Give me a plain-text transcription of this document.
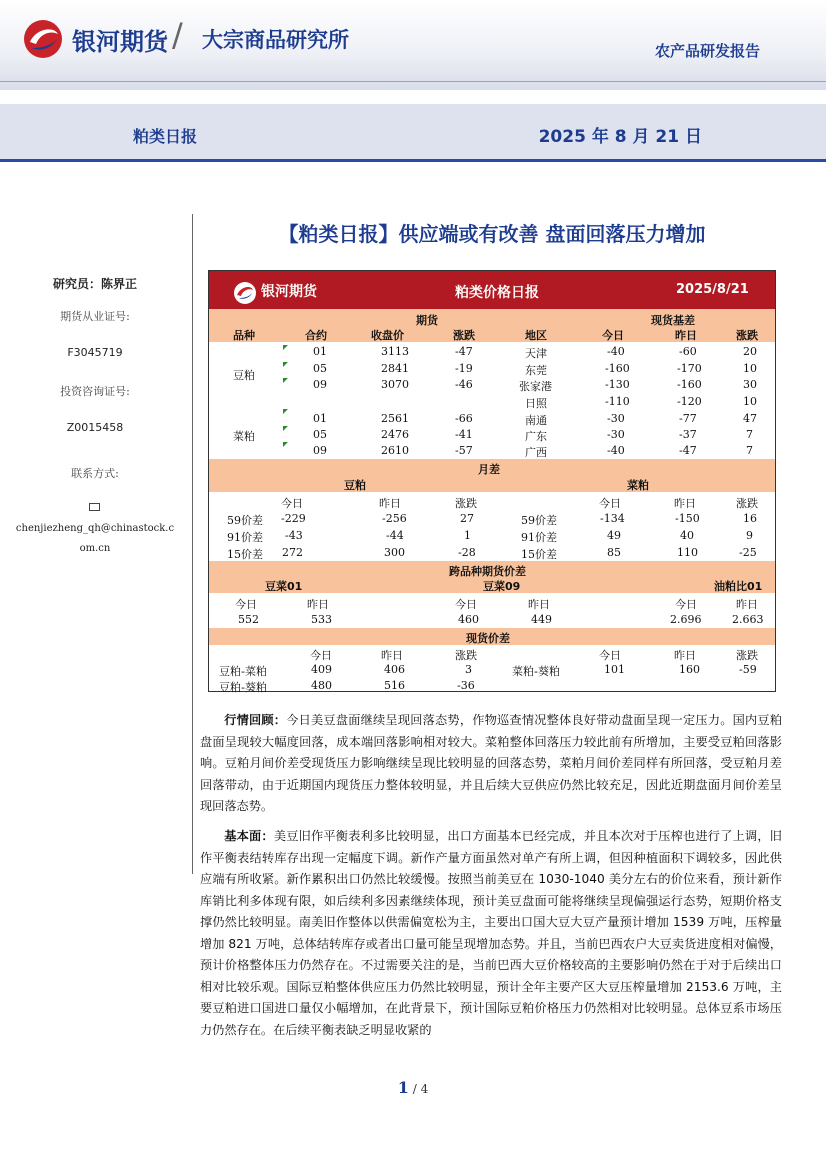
银河期货 / 大宗商品研究所	农产品研发报告
粕类日报	2025 年 8 月 21 日
【粕类日报】供应端或有改善 盘面回落压力增加
研究员：陈界正
期货从业证号:
F3045719
投资咨询证号:
Z0015458
联系方式:
chenjiezheng_qh@chinastock.c
om.cn
银河期货	粕类价格日报	2025/8/21
期货	现货基差
品种	合约	收盘价	涨跌	地区	今日	昨日	涨跌
豆粕
01	3113	-47	天津	-40	-60	20
05	2841	-19	东莞	-160	-170	10
09	3070	-46	张家港	-130	-160	30
日照	-110	-120	10
菜粕
01	2561	-66	南通	-30	-77	47
05	2476	-41	广东	-30	-37	7
09	2610	-57	广西	-40	-47	7
月差
豆粕	菜粕
今日	昨日	涨跌	今日	昨日	涨跌
59价差 -229	-256	27	59价差	-134	-150	16
91价差 -43	-44	1	91价差	49	40	9
15价差 272	300	-28	15价差	85	110	-25
跨品种期货价差
豆菜01	豆菜09	油粕比01
今日	昨日	今日	昨日	今日	昨日
552	533	460	449	2.696	2.663
现货价差
今日	昨日	涨跌	今日	昨日	涨跌
豆粕-菜粕	409	406	3	菜粕-葵粕	101	160	-59
豆粕-葵粕	480	516	-36
行情回顾：今日美豆盘面继续呈现回落态势，作物巡查情况整体良好带动盘面呈现一定压力。国内豆粕盘面呈现较大幅度回落，成本端回落影响相对较大。菜粕整体回落压力较此前有所增加，主要受豆粕回落影响。豆粕月间价差受现货压力影响继续呈现比较明显的回落态势，菜粕月间价差同样有所回落，受豆粕月差回落带动，由于近期国内现货压力整体较明显，并且后续大豆供应仍然比较充足，因此近期盘面月间价差呈现回落态势。
基本面：美豆旧作平衡表利多比较明显，出口方面基本已经完成，并且本次对于压榨也进行了上调，旧作平衡表结转库存出现一定幅度下调。新作产量方面虽然对单产有所上调，但因种植面积下调较多，因此供应端有所收紧。新作累积出口仍然比较缓慢。按照当前美豆在 1030-1040 美分左右的价位来看，预计新作库销比利多体现有限，如后续利多因素继续体现，预计美豆盘面可能将继续呈现偏强运行态势，短期价格支撑仍然比较明显。南美旧作整体以供需偏宽松为主，主要出口国大豆大豆产量预计增加 1539 万吨，压榨量增加 821 万吨，总体结转库存或者出口量可能呈现增加态势。并且，当前巴西农户大豆卖货进度相对偏慢，预计价格整体压力仍然存在。不过需要关注的是，当前巴西大豆价格较高的主要影响仍然在于对于后续出口相对比较乐观。国际豆粕整体供应压力仍然比较明显，预计全年主要产区大豆压榨量增加 2153.6 万吨，主要豆粕进口国进口量仅小幅增加，在此背景下，预计国际豆粕价格压力仍然相对比较明显。总体豆系市场压力仍然存在。在后续平衡表缺乏明显收紧的
1 / 4
